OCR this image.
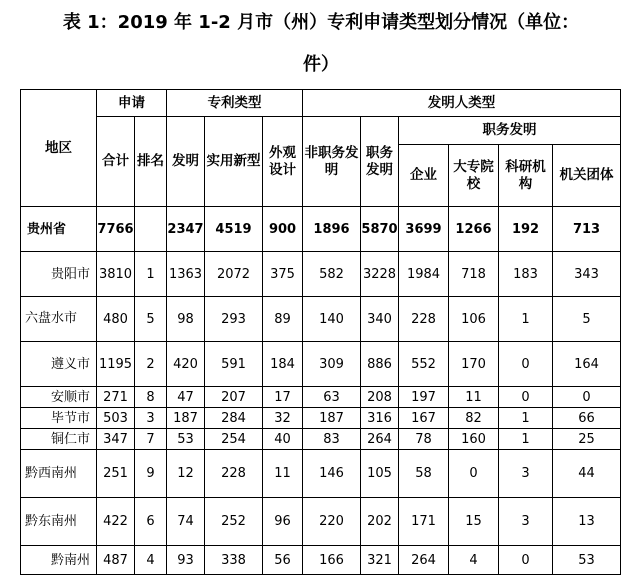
表 1：2019 年 1-2 月市（州）专利申请类型划分情况（单位：
件）
地区	申请		专利类型			发明人类型					
	合计	排名	发明	实用新型	外观设计	非职务发明	职务发明	职务发明			
								企业	大专院校	科研机构	机关团体
贵州省	7766		2347	4519	900	1896	5870	3699	1266	192	713
贵阳市	3810	1	1363	2072	375	582	3228	1984	718	183	343
六盘水市	480	5	98	293	89	140	340	228	106	1	5
遵义市	1195	2	420	591	184	309	886	552	170	0	164
安顺市	271	8	47	207	17	63	208	197	11	0	0
毕节市	503	3	187	284	32	187	316	167	82	1	66
铜仁市	347	7	53	254	40	83	264	78	160	1	25
黔西南州	251	9	12	228	11	146	105	58	0	3	44
黔东南州	422	6	74	252	96	220	202	171	15	3	13
黔南州	487	4	93	338	56	166	321	264	4	0	53
